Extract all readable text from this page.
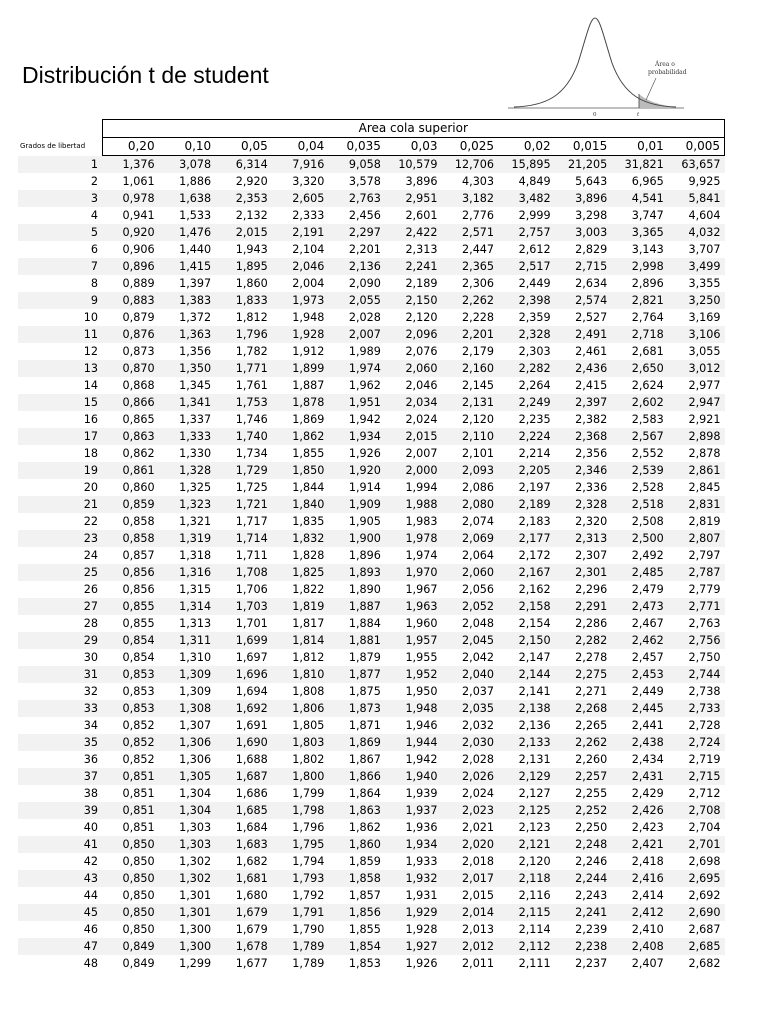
Distribución t de student	Área o
probabilidad
0	t
	Area cola superior										
Grados de libertad	0,20	0,10	0,05	0,04	0,035	0,03	0,025	0,02	0,015	0,01	0,005
1	1,376	3,078	6,314	7,916	9,058	10,579	12,706	15,895	21,205	31,821	63,657
2	1,061	1,886	2,920	3,320	3,578	3,896	4,303	4,849	5,643	6,965	9,925
3	0,978	1,638	2,353	2,605	2,763	2,951	3,182	3,482	3,896	4,541	5,841
4	0,941	1,533	2,132	2,333	2,456	2,601	2,776	2,999	3,298	3,747	4,604
5	0,920	1,476	2,015	2,191	2,297	2,422	2,571	2,757	3,003	3,365	4,032
6	0,906	1,440	1,943	2,104	2,201	2,313	2,447	2,612	2,829	3,143	3,707
7	0,896	1,415	1,895	2,046	2,136	2,241	2,365	2,517	2,715	2,998	3,499
8	0,889	1,397	1,860	2,004	2,090	2,189	2,306	2,449	2,634	2,896	3,355
9	0,883	1,383	1,833	1,973	2,055	2,150	2,262	2,398	2,574	2,821	3,250
10	0,879	1,372	1,812	1,948	2,028	2,120	2,228	2,359	2,527	2,764	3,169
11	0,876	1,363	1,796	1,928	2,007	2,096	2,201	2,328	2,491	2,718	3,106
12	0,873	1,356	1,782	1,912	1,989	2,076	2,179	2,303	2,461	2,681	3,055
13	0,870	1,350	1,771	1,899	1,974	2,060	2,160	2,282	2,436	2,650	3,012
14	0,868	1,345	1,761	1,887	1,962	2,046	2,145	2,264	2,415	2,624	2,977
15	0,866	1,341	1,753	1,878	1,951	2,034	2,131	2,249	2,397	2,602	2,947
16	0,865	1,337	1,746	1,869	1,942	2,024	2,120	2,235	2,382	2,583	2,921
17	0,863	1,333	1,740	1,862	1,934	2,015	2,110	2,224	2,368	2,567	2,898
18	0,862	1,330	1,734	1,855	1,926	2,007	2,101	2,214	2,356	2,552	2,878
19	0,861	1,328	1,729	1,850	1,920	2,000	2,093	2,205	2,346	2,539	2,861
20	0,860	1,325	1,725	1,844	1,914	1,994	2,086	2,197	2,336	2,528	2,845
21	0,859	1,323	1,721	1,840	1,909	1,988	2,080	2,189	2,328	2,518	2,831
22	0,858	1,321	1,717	1,835	1,905	1,983	2,074	2,183	2,320	2,508	2,819
23	0,858	1,319	1,714	1,832	1,900	1,978	2,069	2,177	2,313	2,500	2,807
24	0,857	1,318	1,711	1,828	1,896	1,974	2,064	2,172	2,307	2,492	2,797
25	0,856	1,316	1,708	1,825	1,893	1,970	2,060	2,167	2,301	2,485	2,787
26	0,856	1,315	1,706	1,822	1,890	1,967	2,056	2,162	2,296	2,479	2,779
27	0,855	1,314	1,703	1,819	1,887	1,963	2,052	2,158	2,291	2,473	2,771
28	0,855	1,313	1,701	1,817	1,884	1,960	2,048	2,154	2,286	2,467	2,763
29	0,854	1,311	1,699	1,814	1,881	1,957	2,045	2,150	2,282	2,462	2,756
30	0,854	1,310	1,697	1,812	1,879	1,955	2,042	2,147	2,278	2,457	2,750
31	0,853	1,309	1,696	1,810	1,877	1,952	2,040	2,144	2,275	2,453	2,744
32	0,853	1,309	1,694	1,808	1,875	1,950	2,037	2,141	2,271	2,449	2,738
33	0,853	1,308	1,692	1,806	1,873	1,948	2,035	2,138	2,268	2,445	2,733
34	0,852	1,307	1,691	1,805	1,871	1,946	2,032	2,136	2,265	2,441	2,728
35	0,852	1,306	1,690	1,803	1,869	1,944	2,030	2,133	2,262	2,438	2,724
36	0,852	1,306	1,688	1,802	1,867	1,942	2,028	2,131	2,260	2,434	2,719
37	0,851	1,305	1,687	1,800	1,866	1,940	2,026	2,129	2,257	2,431	2,715
38	0,851	1,304	1,686	1,799	1,864	1,939	2,024	2,127	2,255	2,429	2,712
39	0,851	1,304	1,685	1,798	1,863	1,937	2,023	2,125	2,252	2,426	2,708
40	0,851	1,303	1,684	1,796	1,862	1,936	2,021	2,123	2,250	2,423	2,704
41	0,850	1,303	1,683	1,795	1,860	1,934	2,020	2,121	2,248	2,421	2,701
42	0,850	1,302	1,682	1,794	1,859	1,933	2,018	2,120	2,246	2,418	2,698
43	0,850	1,302	1,681	1,793	1,858	1,932	2,017	2,118	2,244	2,416	2,695
44	0,850	1,301	1,680	1,792	1,857	1,931	2,015	2,116	2,243	2,414	2,692
45	0,850	1,301	1,679	1,791	1,856	1,929	2,014	2,115	2,241	2,412	2,690
46	0,850	1,300	1,679	1,790	1,855	1,928	2,013	2,114	2,239	2,410	2,687
47	0,849	1,300	1,678	1,789	1,854	1,927	2,012	2,112	2,238	2,408	2,685
48	0,849	1,299	1,677	1,789	1,853	1,926	2,011	2,111	2,237	2,407	2,682
